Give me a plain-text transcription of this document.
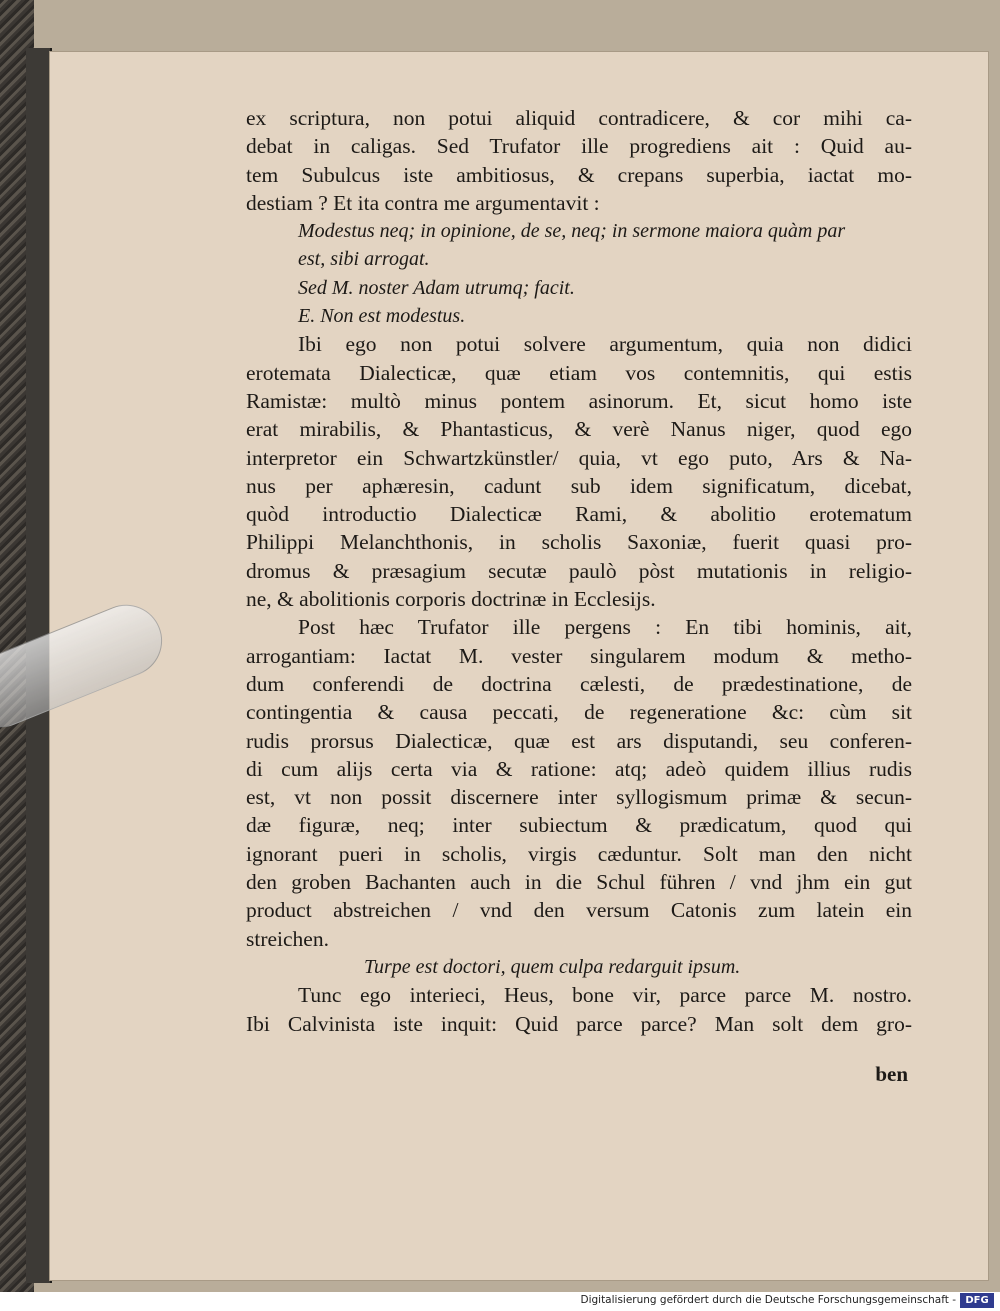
ex scriptura, non potui aliquid contradicere, & cor mihi ca-
debat in caligas. Sed Trufator ille progrediens ait : Quid au-
tem Subulcus iste ambitiosus, & crepans superbia, iactat mo-
destiam ? Et ita contra me argumentavit :
Modestus neq; in opinione, de se, neq; in sermone maiora quàm par
est, sibi arrogat.
Sed M. noster Adam utrumq; facit.
E. Non est modestus.
Ibi ego non potui solvere argumentum, quia non didici
erotemata Dialecticæ, quæ etiam vos contemnitis, qui estis
Ramistæ: multò minus pontem asinorum. Et, sicut homo iste
erat mirabilis, & Phantasticus, & verè Nanus niger, quod ego
interpretor ein Schwartzkünstler/ quia, vt ego puto, Ars & Na-
nus per aphæresin, cadunt sub idem significatum, dicebat,
quòd introductio Dialecticæ Rami, & abolitio erotematum
Philippi Melanchthonis, in scholis Saxoniæ, fuerit quasi pro-
dromus & præsagium secutæ paulò pòst mutationis in religio-
ne, & abolitionis corporis doctrinæ in Ecclesijs.
Post hæc Trufator ille pergens : En tibi hominis, ait,
arrogantiam: Iactat M. vester singularem modum & metho-
dum conferendi de doctrina cælesti, de prædestinatione, de
contingentia & causa peccati, de regeneratione &c: cùm sit
rudis prorsus Dialecticæ, quæ est ars disputandi, seu conferen-
di cum alijs certa via & ratione: atq; adeò quidem illius rudis
est, vt non possit discernere inter syllogismum primæ & secun-
dæ figuræ, neq; inter subiectum & prædicatum, quod qui
ignorant pueri in scholis, virgis cæduntur. Solt man den nicht
den groben Bachanten auch in die Schul führen / vnd jhm ein gut
product abstreichen / vnd den versum Catonis zum latein ein
streichen.
Turpe est doctori, quem culpa redarguit ipsum.
Tunc ego interieci, Heus, bone vir, parce parce M. nostro.
Ibi Calvinista iste inquit: Quid parce parce? Man solt dem gro-
ben
Digitalisierung gefördert durch die Deutsche Forschungsgemeinschaft - DFG
